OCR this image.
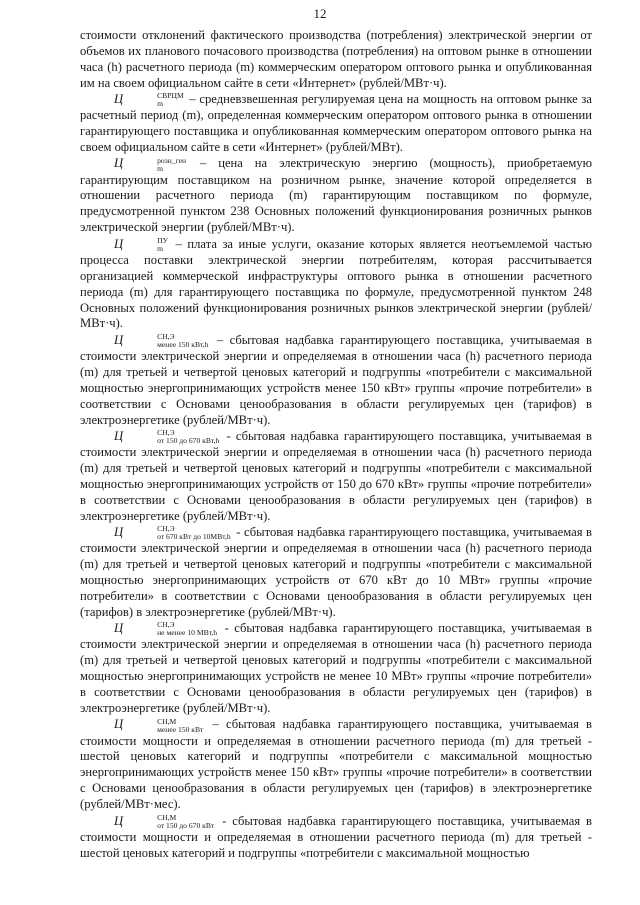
12

стоимости отклонений фактического производства (потребления) электрической энергии от объемов их планового почасового производства (потребления) на оптовом рынке в отношении часа (h) расчетного периода (m) коммерческим оператором оптового рынка и опубликованная им на своем официальном сайте в сети «Интернет» (рублей/МВт·ч).

Ц	СВРЦМ
m	– средневзвешенная регулируемая цена на мощность на оптовом рынке за расчетный период (m), определенная коммерческим оператором оптового рынка в отношении гарантирующего поставщика и опубликованная коммерческим оператором оптового рынка на своем официальном сайте в сети «Интернет» (рублей/МВт).

Ц	розн_ген
m	– цена на электрическую энергию (мощность), приобретаемую гарантирующим поставщиком на розничном рынке, значение которой определяется в отношении расчетного периода (m) гарантирующим поставщиком по формуле, предусмотренной пунктом 238 Основных положений функционирования розничных рынков электрической энергии (рублей/МВт·ч).

Ц	ПУ
m – плата за иные услуги, оказание которых является неотъемлемой частью процесса поставки электрической энергии потребителям, которая рассчитывается организацией коммерческой инфраструктуры оптового рынка в отношении расчетного периода (m) для гарантирующего поставщика по формуле, предусмотренной пунктом 248 Основных положений функционирования розничных рынков электрической энергии (рублей/МВт·ч).

Ц	СН,Э
менее 150 кВт,h – сбытовая надбавка гарантирующего поставщика, учитываемая в стоимости электрической энергии и определяемая в отношении часа (h) расчетного периода (m) для третьей и четвертой ценовых категорий и подгруппы «потребители с максимальной мощностью энергопринимающих устройств менее 150 кВт» группы «прочие потребители» в соответствии с Основами ценообразования в области регулируемых цен (тарифов) в электроэнергетике (рублей/МВт·ч).

Ц	СН,Э
от 150 до 670 кВт,h - сбытовая надбавка гарантирующего поставщика, учитываемая в стоимости электрической энергии и определяемая в отношении часа (h) расчетного периода (m) для третьей и четвертой ценовых категорий и подгруппы «потребители с максимальной мощностью энергопринимающих устройств от 150 до 670 кВт» группы «прочие потребители» в соответствии с Основами ценообразования в области регулируемых цен (тарифов) в электроэнергетике (рублей/МВт·ч).

Ц	СН,Э
от 670 кВт до 10МВт,h - сбытовая надбавка гарантирующего поставщика, учитываемая в стоимости электрической энергии и определяемая в отношении часа (h) расчетного периода (m) для третьей и четвертой ценовых категорий и подгруппы «потребители с максимальной мощностью энергопринимающих устройств от 670 кВт до 10 МВт» группы «прочие потребители» в соответствии с Основами ценообразования в области регулируемых цен (тарифов) в электроэнергетике (рублей/МВт·ч).

Ц	СН,Э
не менее 10 МВт,h - сбытовая надбавка гарантирующего поставщика, учитываемая в стоимости электрической энергии и определяемая в отношении часа (h) расчетного периода (m) для третьей и четвертой ценовых категорий и подгруппы «потребители с максимальной мощностью энергопринимающих устройств не менее 10 МВт» группы «прочие потребители» в соответствии с Основами ценообразования в области регулируемых цен (тарифов) в электроэнергетике (рублей/МВт·ч).

Ц	СН,М
менее 150 кВт – сбытовая надбавка гарантирующего поставщика, учитываемая в стоимости мощности и определяемая в отношении расчетного периода (m) для третьей - шестой ценовых категорий и подгруппы «потребители с максимальной мощностью энергопринимающих устройств менее 150 кВт» группы «прочие потребители» в соответствии с Основами ценообразования в области регулируемых цен (тарифов) в электроэнергетике (рублей/МВт·мес).

Ц	СН,М
от 150 до 670 кВт - сбытовая надбавка гарантирующего поставщика, учитываемая в стоимости мощности и определяемая в отношении расчетного периода (m) для третьей - шестой ценовых категорий и подгруппы «потребители с максимальной мощностью
